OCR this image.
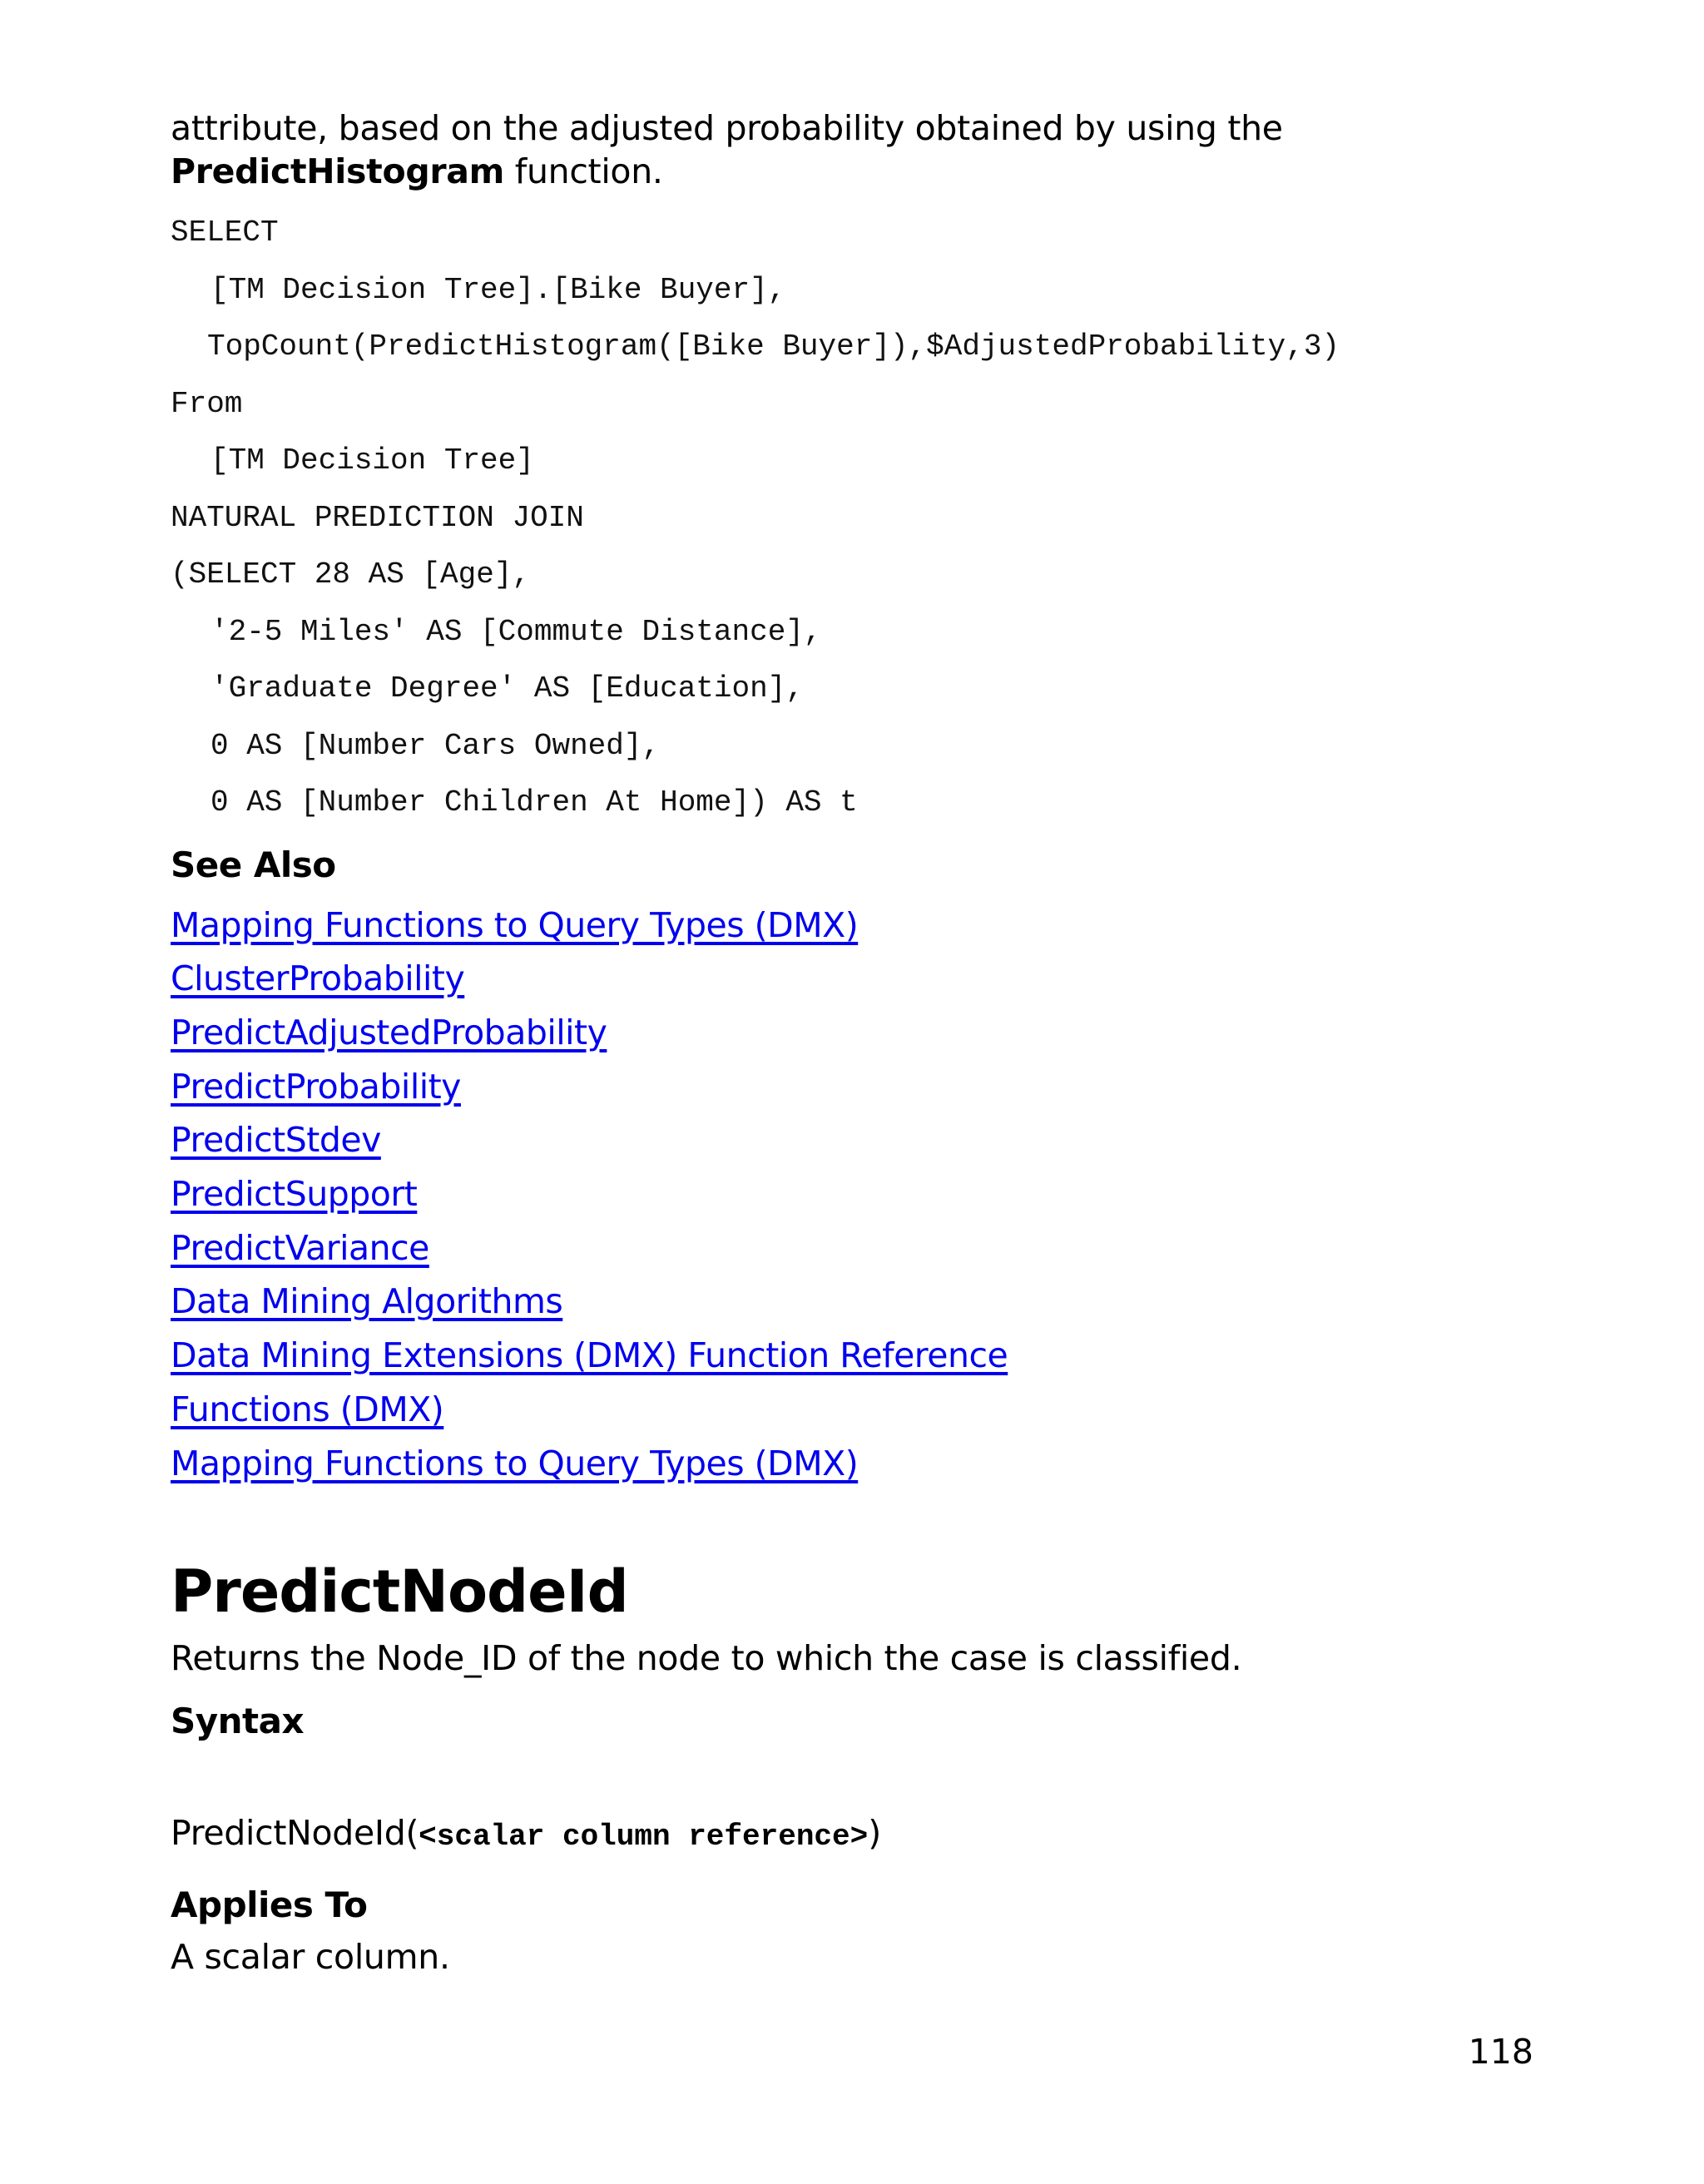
attribute, based on the adjusted probability obtained by using the PredictHistogram function.

SELECT
[TM Decision Tree].[Bike Buyer],
TopCount(PredictHistogram([Bike Buyer]),$AdjustedProbability,3)
From
[TM Decision Tree]
NATURAL PREDICTION JOIN
(SELECT 28 AS [Age],
'2-5 Miles' AS [Commute Distance],
'Graduate Degree' AS [Education],
0 AS [Number Cars Owned],
0 AS [Number Children At Home]) AS t
See Also
Mapping Functions to Query Types (DMX)
ClusterProbability
PredictAdjustedProbability
PredictProbability
PredictStdev
PredictSupport
PredictVariance
Data Mining Algorithms
Data Mining Extensions (DMX) Function Reference
Functions (DMX)
Mapping Functions to Query Types (DMX)
PredictNodeId

Returns the Node_ID of the node to which the case is classified.

Syntax

PredictNodeId(<scalar column reference>)

Applies To

A scalar column.

118
